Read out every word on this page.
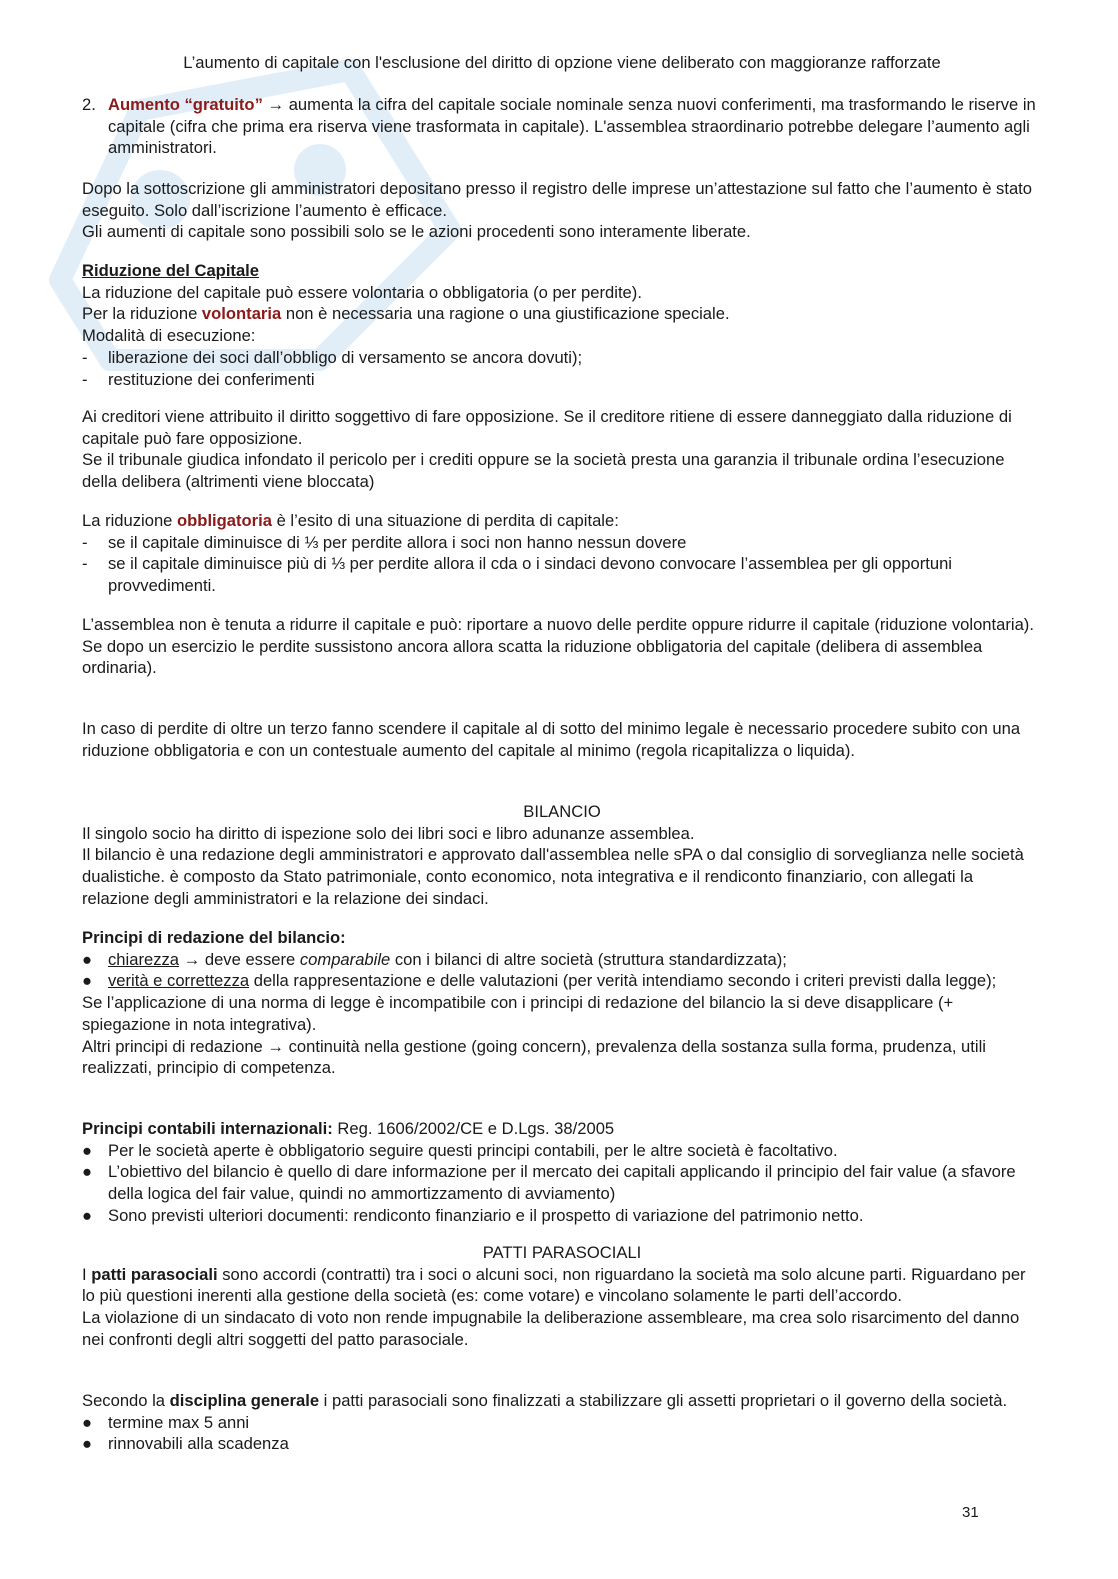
L’aumento di capitale con l'esclusione del diritto di opzione viene deliberato con maggioranze rafforzate

2. Aumento “gratuito” → aumenta la cifra del capitale sociale nominale senza nuovi conferimenti, ma trasformando le riserve in capitale (cifra che prima era riserva viene trasformata in capitale). L'assemblea straordinario potrebbe delegare l’aumento agli amministratori.

Dopo la sottoscrizione gli amministratori depositano presso il registro delle imprese un’attestazione sul fatto che l’aumento è stato eseguito. Solo dall’iscrizione l’aumento è efficace.

Gli aumenti di capitale sono possibili solo se le azioni procedenti sono interamente liberate.

Riduzione del Capitale

La riduzione del capitale può essere volontaria o obbligatoria (o per perdite).

Per la riduzione volontaria non è necessaria una ragione o una giustificazione speciale.

Modalità di esecuzione:

- liberazione dei soci dall’obbligo di versamento se ancora dovuti);
- restituzione dei conferimenti

Ai creditori viene attribuito il diritto soggettivo di fare opposizione. Se il creditore ritiene di essere danneggiato dalla riduzione di capitale può fare opposizione.

Se il tribunale giudica infondato il pericolo per i crediti oppure se la società presta una garanzia il tribunale ordina l’esecuzione della delibera (altrimenti viene bloccata)

La riduzione obbligatoria è l’esito di una situazione di perdita di capitale:

- se il capitale diminuisce di ⅓ per perdite allora i soci non hanno nessun dovere
- se il capitale diminuisce più di ⅓ per perdite allora il cda o i sindaci devono convocare l’assemblea per gli opportuni provvedimenti.

L’assemblea non è tenuta a ridurre il capitale e può: riportare a nuovo delle perdite oppure ridurre il capitale (riduzione volontaria).

Se dopo un esercizio le perdite sussistono ancora allora scatta la riduzione obbligatoria del capitale (delibera di assemblea ordinaria).

In caso di perdite di oltre un terzo fanno scendere il capitale al di sotto del minimo legale è necessario procedere subito con una riduzione obbligatoria e con un contestuale aumento del capitale al minimo (regola ricapitalizza o liquida).

BILANCIO

Il singolo socio ha diritto di ispezione solo dei libri soci e libro adunanze assemblea.

Il bilancio è una redazione degli amministratori e approvato dall'assemblea nelle sPA o dal consiglio di sorveglianza nelle società dualistiche. è composto da Stato patrimoniale, conto economico, nota integrativa e il rendiconto finanziario, con allegati la relazione degli amministratori e la relazione dei sindaci.

Principi di redazione del bilancio:

● chiarezza → deve essere comparabile con i bilanci di altre società (struttura standardizzata);
● verità e correttezza della rappresentazione e delle valutazioni (per verità intendiamo secondo i criteri previsti dalla legge);

Se l’applicazione di una norma di legge è incompatibile con i principi di redazione del bilancio la si deve disapplicare (+ spiegazione in nota integrativa).

Altri principi di redazione → continuità nella gestione (going concern), prevalenza della sostanza sulla forma, prudenza, utili realizzati, principio di competenza.

Principi contabili internazionali: Reg. 1606/2002/CE e D.Lgs. 38/2005

● Per le società aperte è obbligatorio seguire questi principi contabili, per le altre società è facoltativo.
● L’obiettivo del bilancio è quello di dare informazione per il mercato dei capitali applicando il principio del fair value (a sfavore della logica del fair value, quindi no ammortizzamento di avviamento)
● Sono previsti ulteriori documenti: rendiconto finanziario e il prospetto di variazione del patrimonio netto.

PATTI PARASOCIALI

I patti parasociali sono accordi (contratti) tra i soci o alcuni soci, non riguardano la società ma solo alcune parti. Riguardano per lo più questioni inerenti alla gestione della società (es: come votare) e vincolano solamente le parti dell’accordo.

La violazione di un sindacato di voto non rende impugnabile la deliberazione assembleare, ma crea solo risarcimento del danno nei confronti degli altri soggetti del patto parasociale.

Secondo la disciplina generale i patti parasociali sono finalizzati a stabilizzare gli assetti proprietari o il governo della società.

● termine max 5 anni
● rinnovabili alla scadenza
31
